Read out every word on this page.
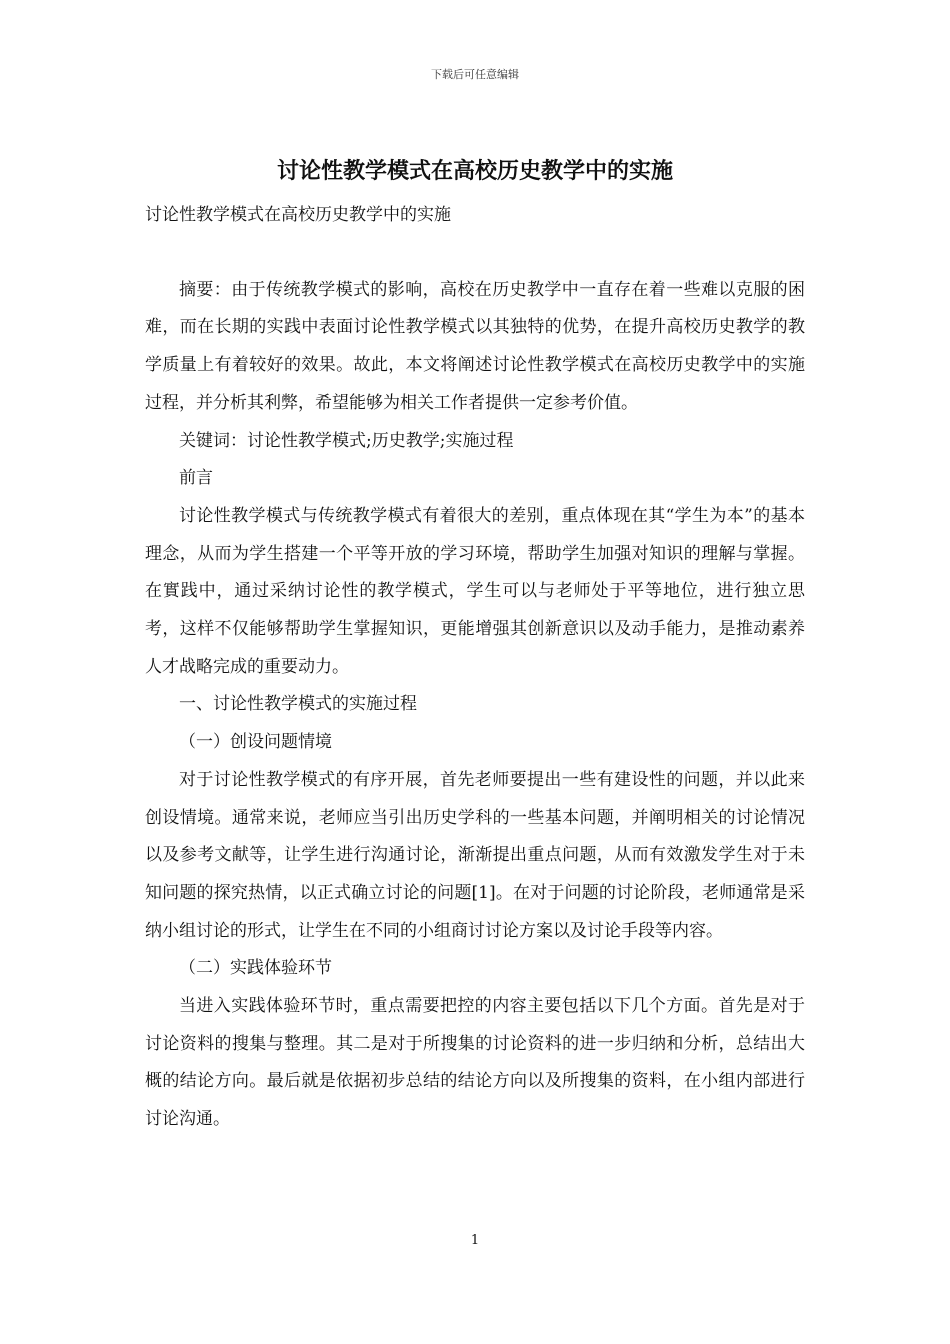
下载后可任意编辑
讨论性教学模式在高校历史教学中的实施

讨论性教学模式在高校历史教学中的实施

摘要：由于传统教学模式的影响，高校在历史教学中一直存在着一些难以克服的困难，而在长期的实践中表面讨论性教学模式以其独特的优势，在提升高校历史教学的教学质量上有着较好的效果。故此，本文将阐述讨论性教学模式在高校历史教学中的实施过程，并分析其利弊，希望能够为相关工作者提供一定参考价值。

关键词：讨论性教学模式;历史教学;实施过程

前言

讨论性教学模式与传统教学模式有着很大的差别，重点体现在其“学生为本”的基本理念，从而为学生搭建一个平等开放的学习环境，帮助学生加强对知识的理解与掌握。在實践中，通过采纳讨论性的教学模式，学生可以与老师处于平等地位，进行独立思考，这样不仅能够帮助学生掌握知识，更能增强其创新意识以及动手能力，是推动素养人才战略完成的重要动力。

一、讨论性教学模式的实施过程

（一）创设问题情境

对于讨论性教学模式的有序开展，首先老师要提出一些有建设性的问题，并以此来创设情境。通常来说，老师应当引出历史学科的一些基本问题，并阐明相关的讨论情况以及参考文献等，让学生进行沟通讨论，渐渐提出重点问题，从而有效激发学生对于未知问题的探究热情，以正式确立讨论的问题[1]。在对于问题的讨论阶段，老师通常是采纳小组讨论的形式，让学生在不同的小组商讨讨论方案以及讨论手段等内容。

（二）实践体验环节

当进入实践体验环节时，重点需要把控的内容主要包括以下几个方面。首先是对于讨论资料的搜集与整理。其二是对于所搜集的讨论资料的进一步归纳和分析，总结出大概的结论方向。最后就是依据初步总结的结论方向以及所搜集的资料，在小组内部进行讨论沟通。

1
